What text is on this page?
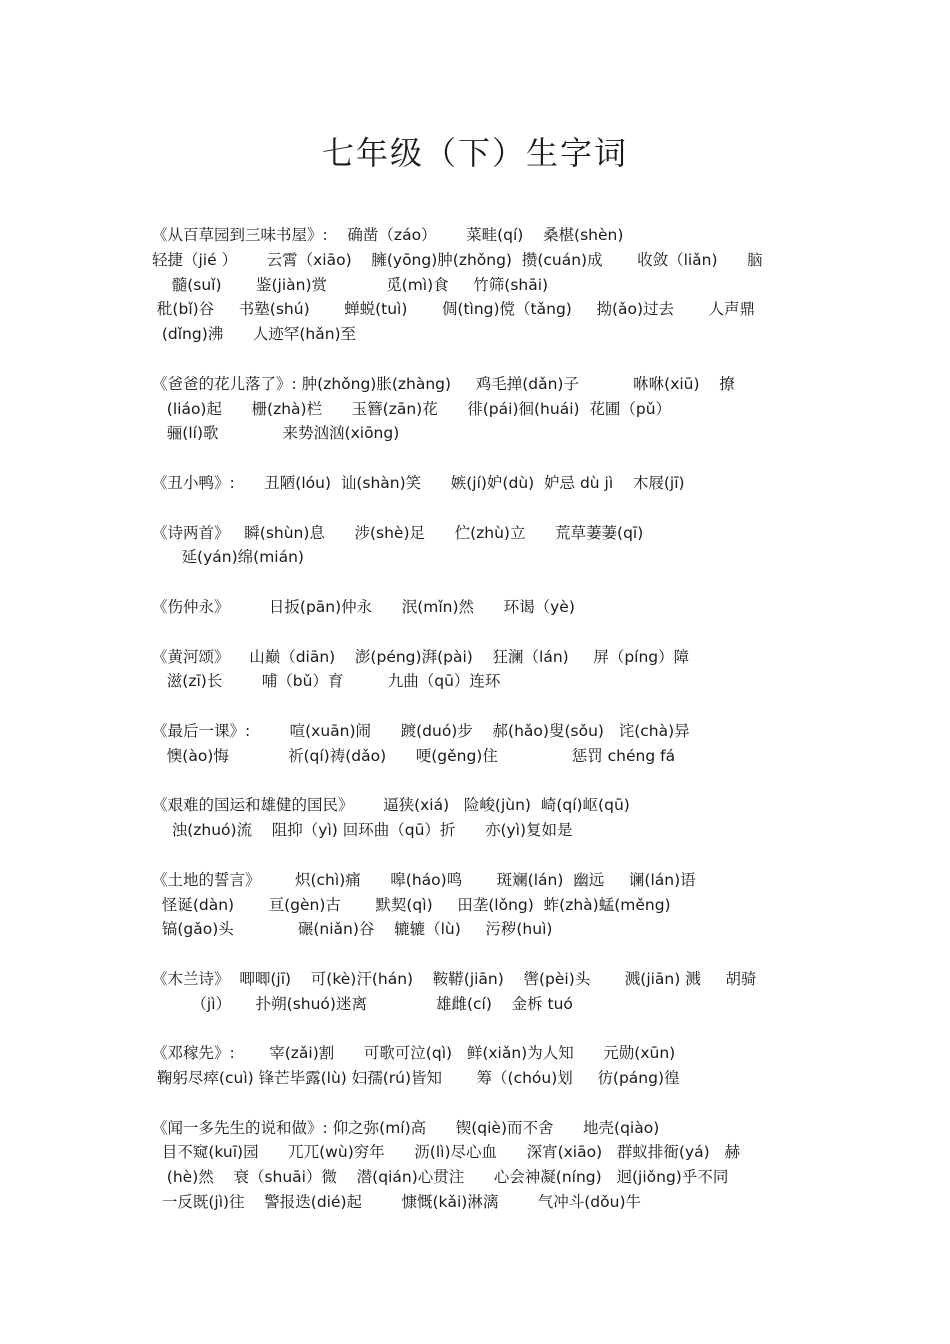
七年级（下）生字词
《从百草园到三味书屋》:    确凿（záo）      菜畦(qí)    桑椹(shèn)
轻捷（jié ）      云霄（xiāo)    臃(yōng)肿(zhǒng)  攒(cuán)成       收敛（liǎn)      脑
髓(suǐ)       鉴(jiàn)赏            觅(mì)食     竹筛(shāi)
秕(bǐ)谷     书塾(shú)       蝉蜕(tuì)       倜(tìng)傥（tǎng)     拗(ǎo)过去       人声鼎
(dǐng)沸      人迹罕(hǎn)至
《爸爸的花儿落了》: 肿(zhǒng)胀(zhàng)     鸡毛掸(dǎn)子           咻咻(xiū)    撩
(liáo)起      栅(zhà)栏      玉簪(zān)花      徘(pái)徊(huái)  花圃（pǔ）
骊(lí)歌             来势汹汹(xiōng)
《丑小鸭》:      丑陋(lóu)  讪(shàn)笑      嫉(jí)妒(dù)  妒忌 dù jì    木屐(jī)
《诗两首》   瞬(shùn)息      涉(shè)足      伫(zhù)立      荒草萋萋(qī)
延(yán)绵(mián)
《伤仲永》        日扳(pān)仲永      泯(mǐn)然      环谒（yè)
《黄河颂》    山巅（diān)    澎(péng)湃(pài)    狂澜（lán)     屏（píng）障
滋(zī)长        哺（bǔ）育         九曲（qū）连环
《最后一课》:        喧(xuān)闹      踱(duó)步    郝(hǎo)叟(sǒu)   诧(chà)异
懊(ào)悔            祈(qí)祷(dǎo)      哽(gěng)住               惩罚 chéng fá
《艰难的国运和雄健的国民》      逼狭(xiá)   险峻(jùn)  崎(qí)岖(qū)
浊(zhuó)流    阻抑（yì) 回环曲（qū）折      亦(yì)复如是
《土地的誓言》       炽(chì)痛      嗥(háo)鸣       斑斓(lán)  幽远     谰(lán)语
怪诞(dàn)       亘(gèn)古       默契(qì)     田垄(lǒng)  蚱(zhà)蜢(měng)
镐(gǎo)头             碾(niǎn)谷    辘辘（lù)     污秽(huì)
《木兰诗》  唧唧(jī)    可(kè)汗(hán)    鞍鞯(jiān)    辔(pèi)头       溅(jiān) 溅     胡骑
（jì）     扑朔(shuó)迷离              雄雌(cí)    金柝 tuó
《邓稼先》:       宰(zǎi)割      可歌可泣(qì)   鲜(xiǎn)为人知      元勋(xūn)
鞠躬尽瘁(cuì) 锋芒毕露(lù) 妇孺(rú)皆知       筹（(chóu)划     彷(páng)徨
《闻一多先生的说和做》: 仰之弥(mí)高      锲(qiè)而不舍      地壳(qiào)
目不窥(kuī)园      兀兀(wù)穷年      沥(lì)尽心血      深宵(xiāo)   群蚁排衙(yá)   赫
(hè)然    衰（shuāi）微    潜(qián)心贯注      心会神凝(níng)   迥(jiǒng)乎不同
一反既(jì)往    警报迭(dié)起        慷慨(kǎi)淋漓        气冲斗(dǒu)牛
